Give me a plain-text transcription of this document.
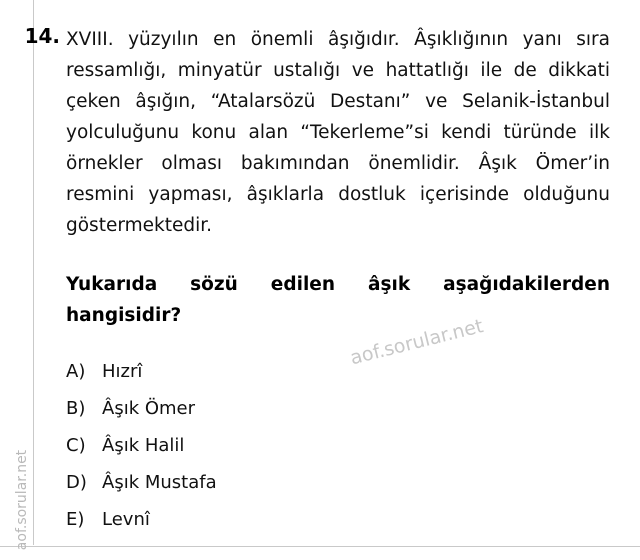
14. XVIII. yüzyılın en önemli âşığıdır. Âşıklığının yanı sıra ressamlığı, minyatür ustalığı ve hattatlığı ile de dikkati çeken âşığın, “Atalarsözü Destanı” ve Selanik-İstanbul yolculuğunu konu alan “Tekerleme”si kendi türünde ilk örnekler olması bakımından önemlidir. Âşık Ömer’in resmini yapması, âşıklarla dostluk içerisinde olduğunu göstermektedir.
Yukarıda sözü edilen âşık aşağıdakilerden hangisidir?
A) Hızrî
B) Âşık Ömer
C) Âşık Halil
D) Âşık Mustafa
E) Levnî
aof.sorular.net
aof.sorular.net
